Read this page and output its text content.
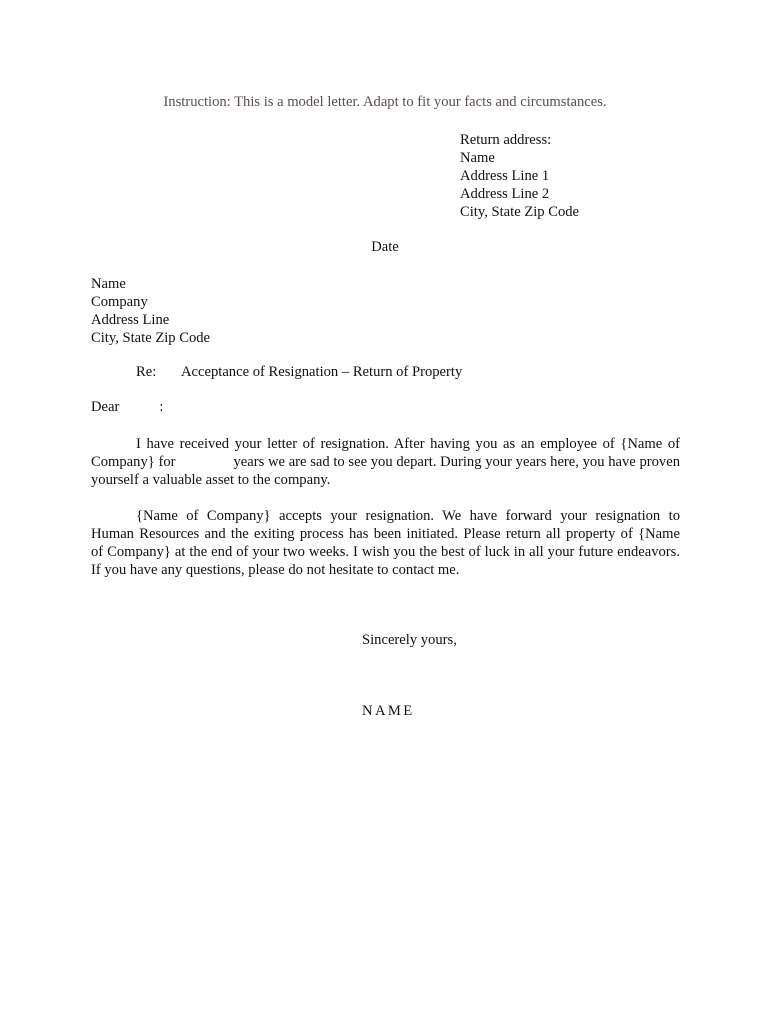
Instruction: This is a model letter. Adapt to fit your facts and circumstances.
Return address:
Name
Address Line 1
Address Line 2
City, State Zip Code
Date
Name
Company
Address Line
City, State Zip Code
Re: Acceptance of Resignation – Return of Property
Dear	:
I have received your letter of resignation. After having you as an employee of {Name of
Company} for	years we are sad to see you depart. During your years here, you have proven
yourself a valuable asset to the company.
{Name of Company} accepts your resignation. We have forward your resignation to
Human Resources and the exiting process has been initiated. Please return all property of {Name
of Company} at the end of your two weeks. I wish you the best of luck in all your future endeavors.
If you have any questions, please do not hesitate to contact me.
Sincerely yours,
NAME
